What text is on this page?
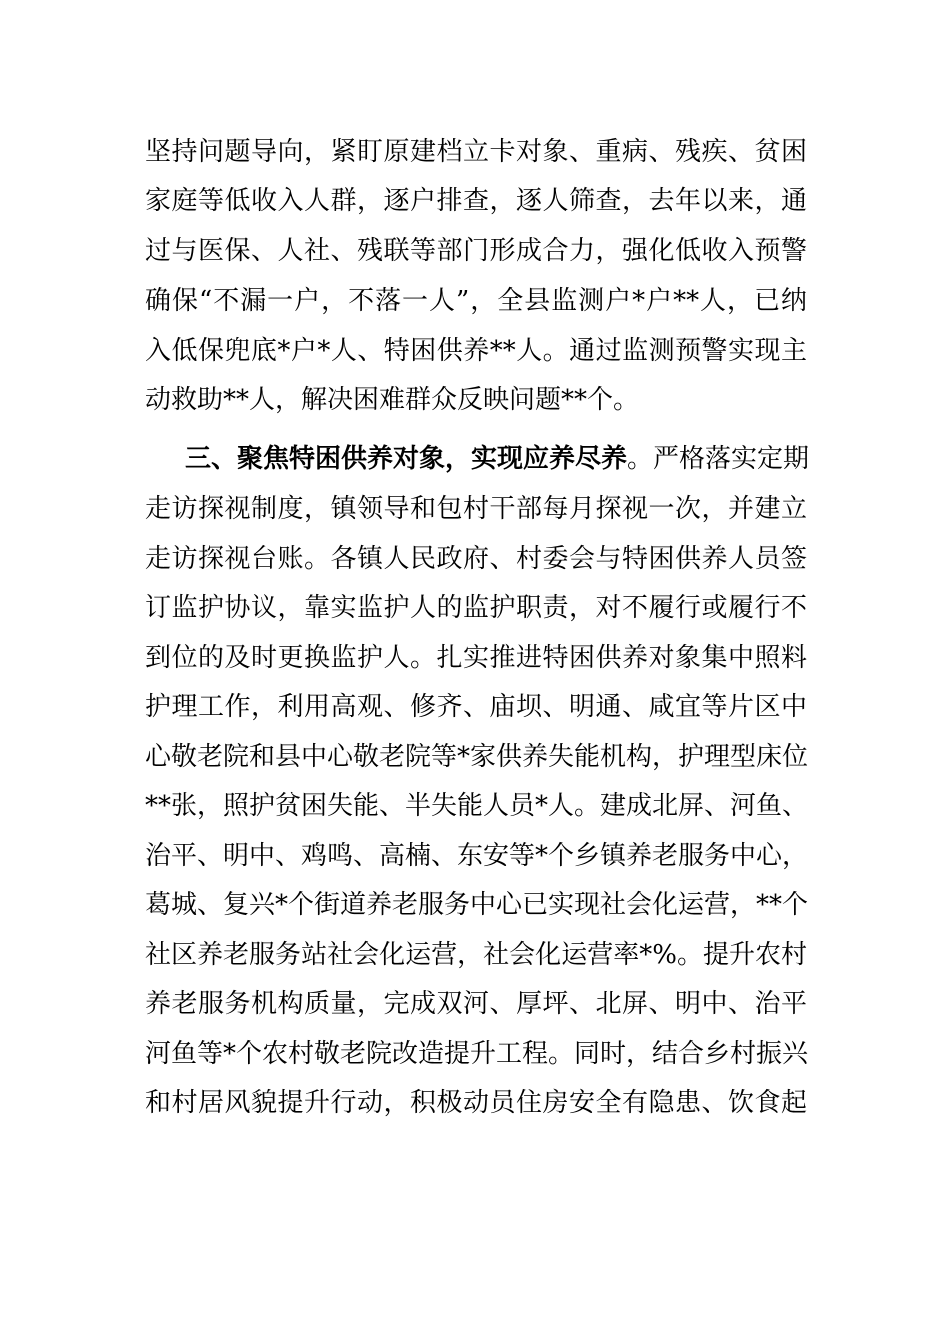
坚持问题导向，紧盯原建档立卡对象、重病、残疾、贫困
家庭等低收入人群，逐户排查，逐人筛查，去年以来，通
过与医保、人社、残联等部门形成合力，强化低收入预警
确保“不漏一户，不落一人”，全县监测户*户**人，已纳
入低保兜底*户*人、特困供养**人。通过监测预警实现主
动救助**人，解决困难群众反映问题**个。
三、聚焦特困供养对象，实现应养尽养。严格落实定期
走访探视制度，镇领导和包村干部每月探视一次，并建立
走访探视台账。各镇人民政府、村委会与特困供养人员签
订监护协议，靠实监护人的监护职责，对不履行或履行不
到位的及时更换监护人。扎实推进特困供养对象集中照料
护理工作，利用高观、修齐、庙坝、明通、咸宜等片区中
心敬老院和县中心敬老院等*家供养失能机构，护理型床位
**张，照护贫困失能、半失能人员*人。建成北屏、河鱼、
治平、明中、鸡鸣、高楠、东安等*个乡镇养老服务中心，
葛城、复兴*个街道养老服务中心已实现社会化运营，**个
社区养老服务站社会化运营，社会化运营率*%。提升农村
养老服务机构质量，完成双河、厚坪、北屏、明中、治平
河鱼等*个农村敬老院改造提升工程。同时，结合乡村振兴
和村居风貌提升行动，积极动员住房安全有隐患、饮食起
